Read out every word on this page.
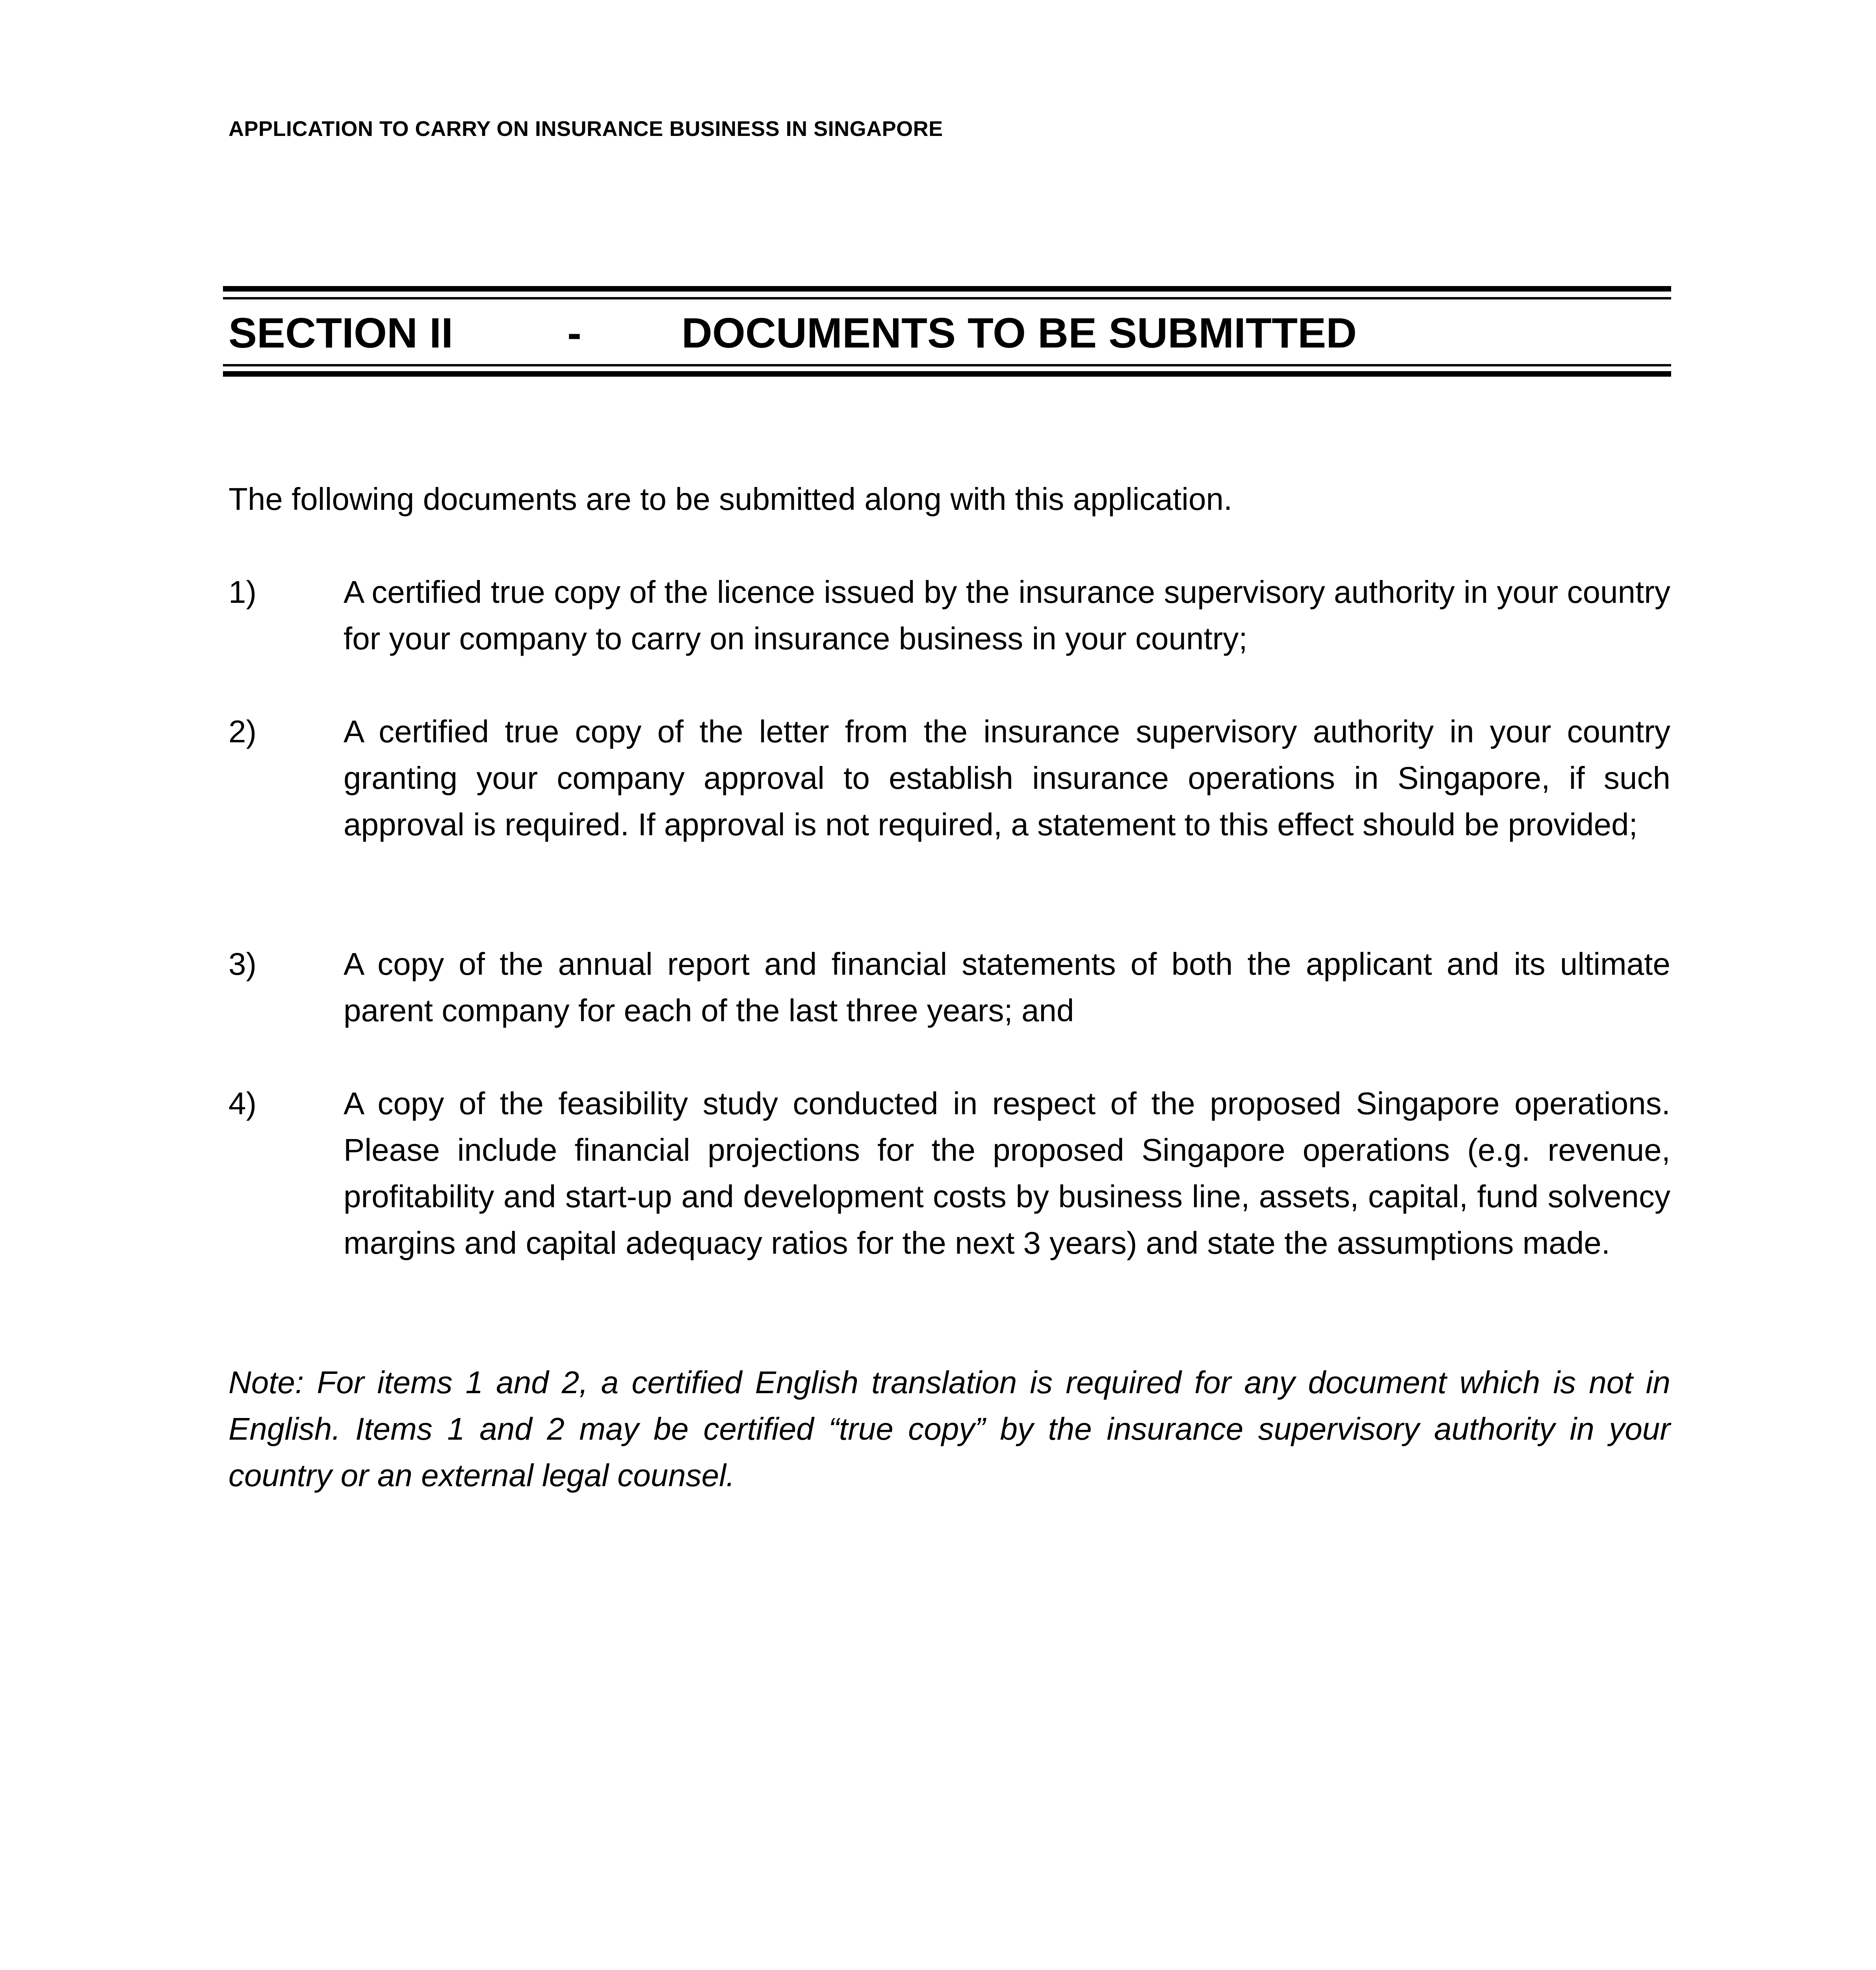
APPLICATION TO CARRY ON INSURANCE BUSINESS IN SINGAPORE
SECTION II	- DOCUMENTS TO BE SUBMITTED
The following documents are to be submitted along with this application.
1)	A certified true copy of the licence issued by the insurance supervisory authority in your country for your company to carry on insurance business in your country;
2)	A certified true copy of the letter from the insurance supervisory authority in your country granting your company approval to establish insurance operations in Singapore, if such approval is required. If approval is not required, a statement to this effect should be provided;
3)	A copy of the annual report and financial statements of both the applicant and its ultimate parent company for each of the last three years; and
4)	A copy of the feasibility study conducted in respect of the proposed Singapore operations. Please include financial projections for the proposed Singapore operations (e.g. revenue, profitability and start-up and development costs by business line, assets, capital, fund solvency margins and capital adequacy ratios for the next 3 years) and state the assumptions made.
Note: For items 1 and 2, a certified English translation is required for any document which is not in English. Items 1 and 2 may be certified “true copy” by the insurance supervisory authority in your country or an external legal counsel.
